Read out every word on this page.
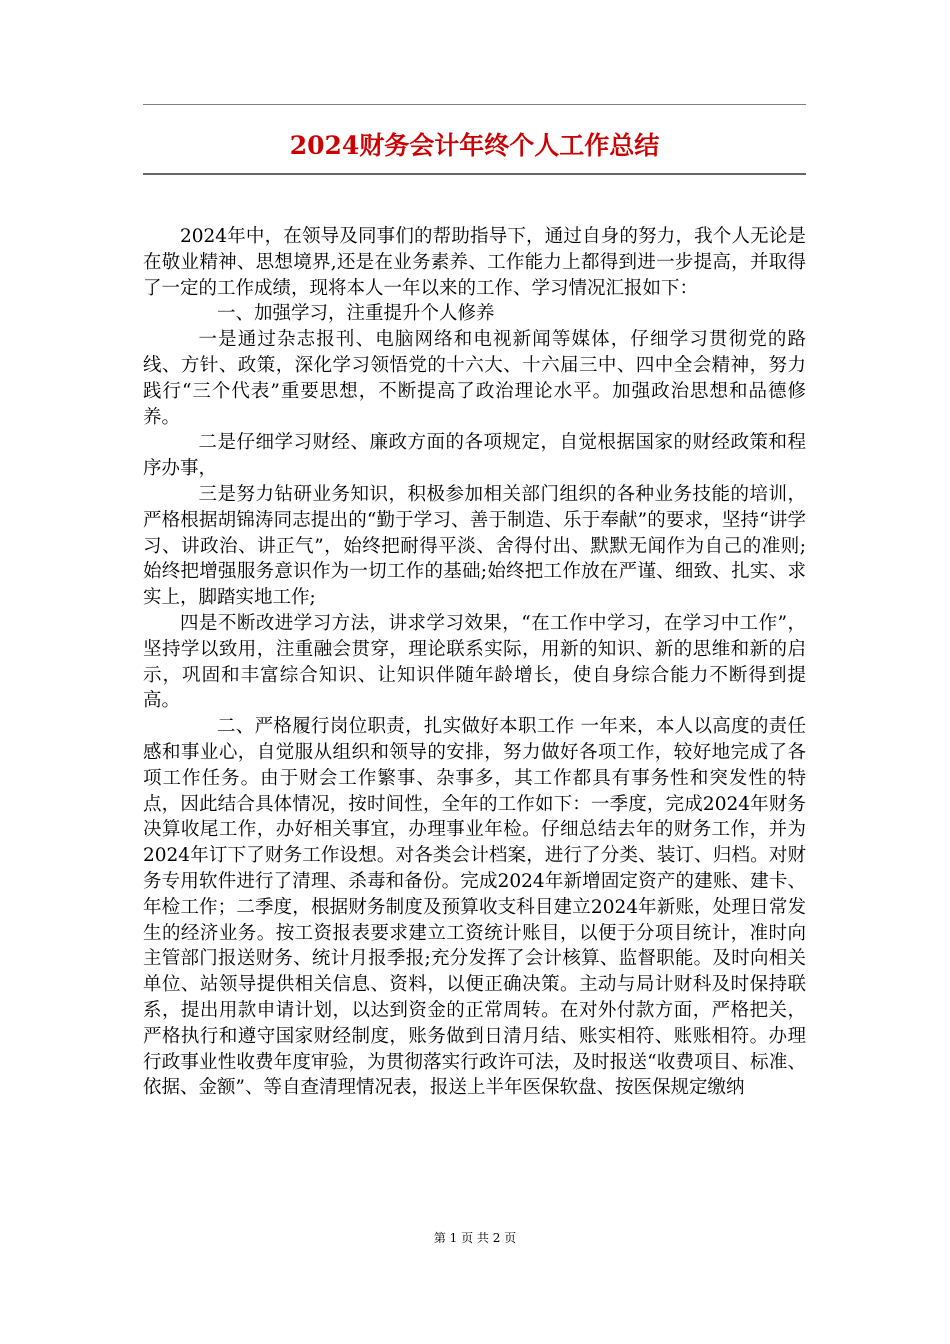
2024财务会计年终个人工作总结

2024年中，在领导及同事们的帮助指导下，通过自身的努力，我个人无论是在敬业精神、思想境界,还是在业务素养、工作能力上都得到进一步提高，并取得了一定的工作成绩，现将本人一年以来的工作、学习情况汇报如下：

一、加强学习，注重提升个人修养

一是通过杂志报刊、电脑网络和电视新闻等媒体，仔细学习贯彻党的路线、方针、政策，深化学习领悟党的十六大、十六届三中、四中全会精神，努力践行“三个代表”重要思想，不断提高了政治理论水平。加强政治思想和品德修养。

二是仔细学习财经、廉政方面的各项规定，自觉根据国家的财经政策和程序办事，

三是努力钻研业务知识，积极参加相关部门组织的各种业务技能的培训，严格根据胡锦涛同志提出的“勤于学习、善于制造、乐于奉献”的要求，坚持“讲学习、讲政治、讲正气”，始终把耐得平淡、舍得付出、默默无闻作为自己的准则;始终把增强服务意识作为一切工作的基础;始终把工作放在严谨、细致、扎实、求实上，脚踏实地工作;

四是不断改进学习方法，讲求学习效果，“在工作中学习，在学习中工作”， 坚持学以致用，注重融会贯穿，理论联系实际，用新的知识、新的思维和新的启示，巩固和丰富综合知识、让知识伴随年龄增长，使自身综合能力不断得到提高。

二、严格履行岗位职责，扎实做好本职工作 一年来，本人以高度的责任感和事业心，自觉服从组织和领导的安排，努力做好各项工作，较好地完成了各项工作任务。由于财会工作繁事、杂事多，其工作都具有事务性和突发性的特点，因此结合具体情况，按时间性，全年的工作如下：一季度，完成2024年财务决算收尾工作，办好相关事宜，办理事业年检。仔细总结去年的财务工作，并为2024年订下了财务工作设想。对各类会计档案，进行了分类、装订、归档。对财务专用软件进行了清理、杀毒和备份。完成2024年新增固定资产的建账、建卡、年检工作；二季度，根据财务制度及预算收支科目建立2024年新账，处理日常发生的经济业务。按工资报表要求建立工资统计账目，以便于分项目统计，准时向主管部门报送财务、统计月报季报;充分发挥了会计核算、监督职能。及时向相关单位、站领导提供相关信息、资料，以便正确决策。主动与局计财科及时保持联系，提出用款申请计划，以达到资金的正常周转。在对外付款方面，严格把关，严格执行和遵守国家财经制度，账务做到日清月结、账实相符、账账相符。办理行政事业性收费年度审验，为贯彻落实行政许可法，及时报送“收费项目、标准、依据、金额”、等自查清理情况表，报送上半年医保软盘、按医保规定缴纳

第 1 页 共 2 页
